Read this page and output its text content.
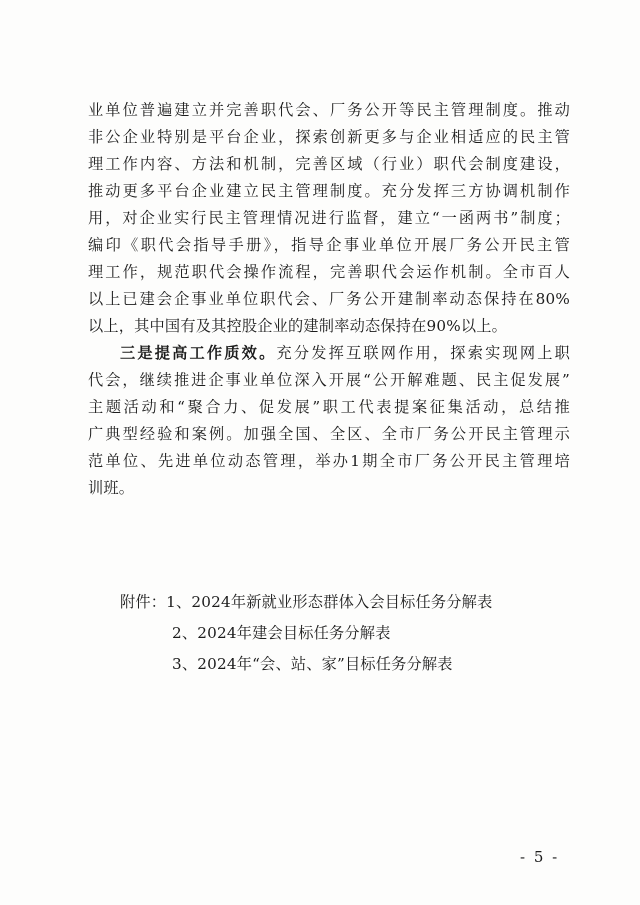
业单位普遍建立并完善职代会、厂务公开等民主管理制度。推动
非公企业特别是平台企业，探索创新更多与企业相适应的民主管
理工作内容、方法和机制，完善区域（行业）职代会制度建设，
推动更多平台企业建立民主管理制度。充分发挥三方协调机制作
用，对企业实行民主管理情况进行监督，建立“一函两书”制度；
编印《职代会指导手册》，指导企事业单位开展厂务公开民主管
理工作，规范职代会操作流程，完善职代会运作机制。全市百人
以上已建会企事业单位职代会、厂务公开建制率动态保持在80%
以上，其中国有及其控股企业的建制率动态保持在90%以上。
三是提高工作质效。充分发挥互联网作用，探索实现网上职
代会，继续推进企事业单位深入开展“公开解难题、民主促发展”
主题活动和“聚合力、促发展”职工代表提案征集活动，总结推
广典型经验和案例。加强全国、全区、全市厂务公开民主管理示
范单位、先进单位动态管理，举办1期全市厂务公开民主管理培
训班。
附件：1、2024年新就业形态群体入会目标任务分解表
2、2024年建会目标任务分解表
3、2024年“会、站、家”目标任务分解表
- 5 -
